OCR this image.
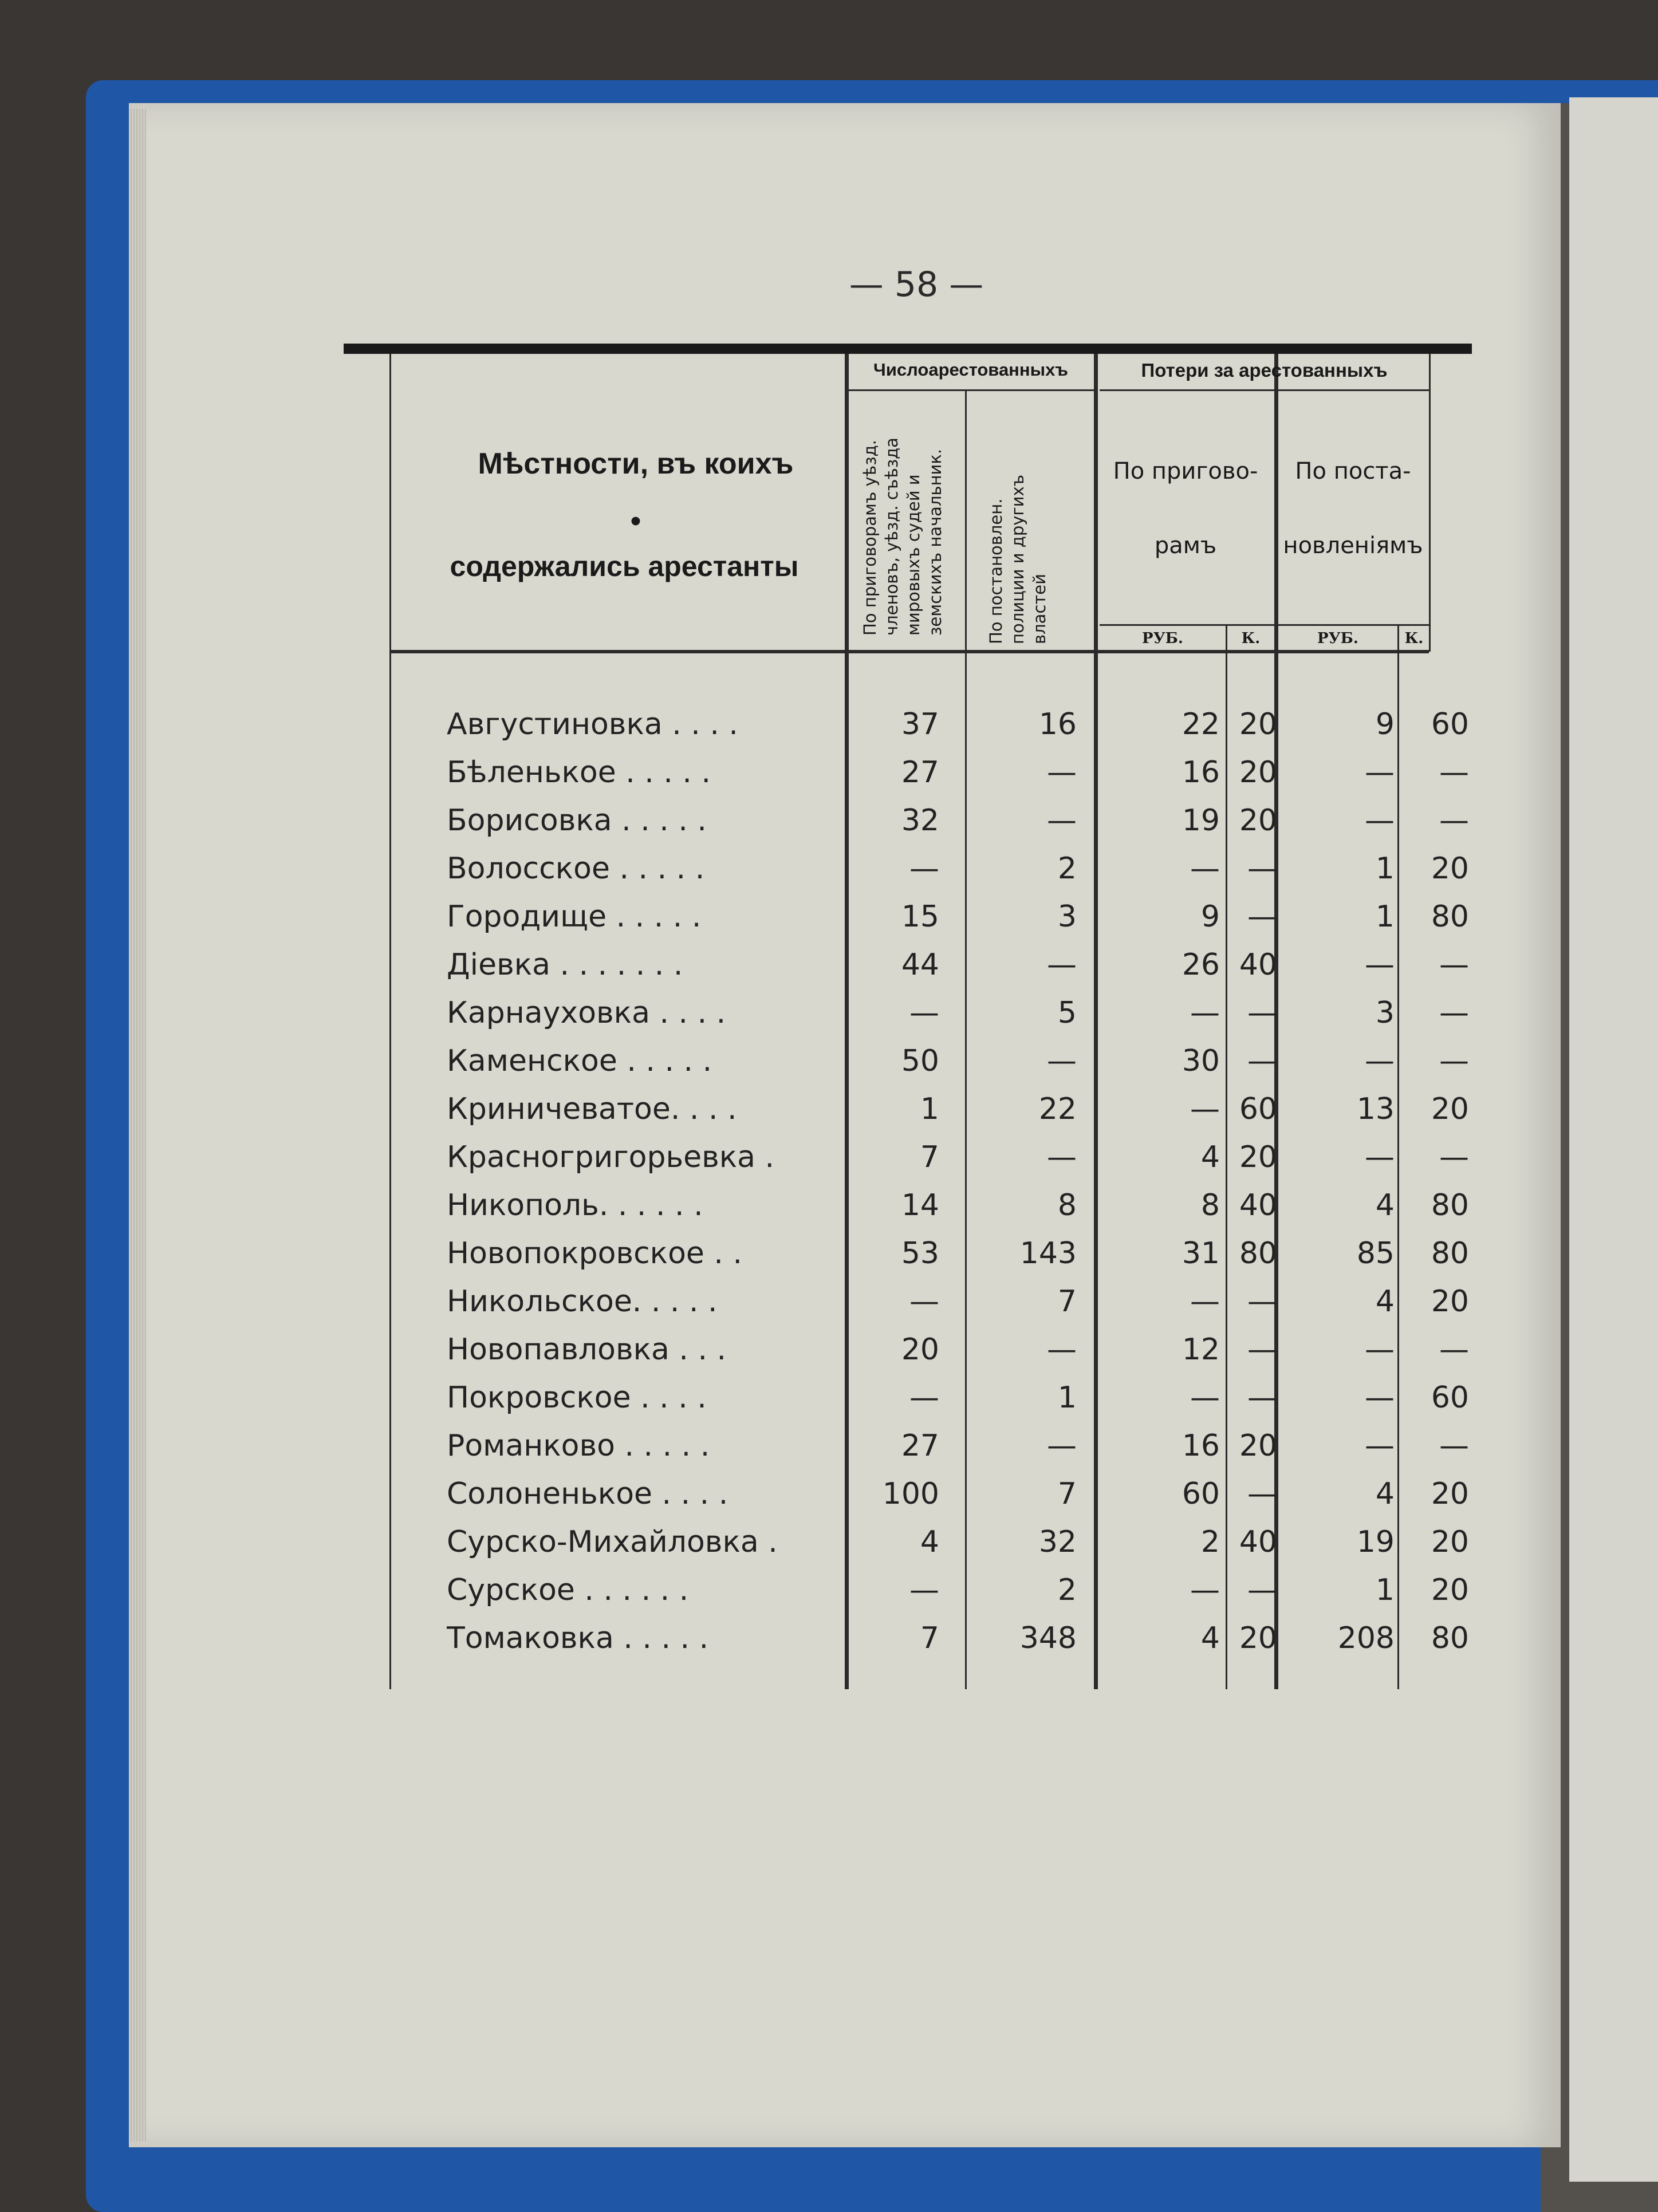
— 58 —
Мѣстности, въ коихъ
•
содержались арестанты
Числоарестованныхъ	Потери за арестованныхъ
По приговорамъ уѣзд. членовъ, уѣзд. съѣзда мировыхъ судей и земскихъ начальник. По постановлен. полиции и другихъ властей
По пригово-
рамъ
По поста-
новленіямъ
РУБ.	К.	РУБ.	К.
Августиновка . . . .	37	16	22 20	9	60
Бѣленькое . . . . .	27	—	16 20	—	—
Борисовка . . . . .	32	—	19 20	—	—
Волосское . . . . .	—	2	— —	1	20
Городище . . . . .	15	3	9 —	1	80
Діевка . . . . . . .	44	—	26 40	—	—
Карнауховка . . . .	—	5	— —	3	—
Каменское . . . . .	50	—	30 —	—	—
Криничеватое. . . .	1	22	— 60	13	20
Красногригорьевка .	7	—	4 20	—	—
Никополь. . . . . .	14	8	8 40	4	80
Новопокровское . .	53	143	31 80	85	80
Никольское. . . . .	—	7	— —	4	20
Новопавловка . . .	20	—	12 —	—	—
Покровское . . . .	—	1	— —	—	60
Романково . . . . .	27	—	16 20	—	—
Солоненькое . . . .	100	7	60 —	4	20
Сурско-Михайловка .	4	32	2 40	19	20
Сурское . . . . . .	—	2	— —	1	20
Томаковка . . . . .	7	348	4 20	208	80
